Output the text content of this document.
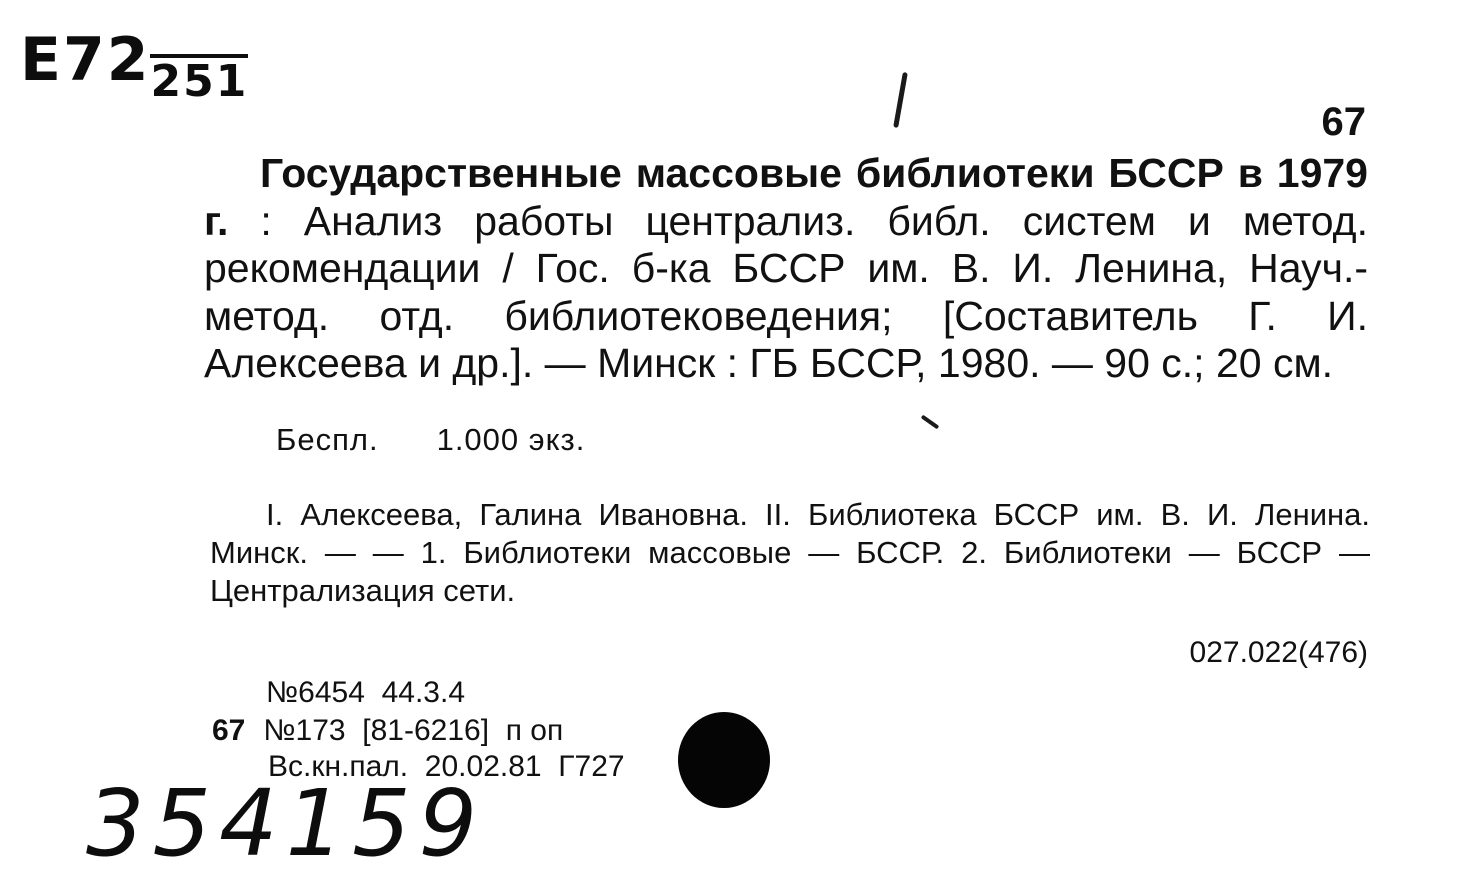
Е72251
67
Государственные массовые библиотеки БССР в 1979 г. : Анализ работы централиз. библ. систем и метод. рекомендации / Гос. б-ка БССР им. В. И. Ленина, Науч.-метод. отд. библиотековедения; [Составитель Г. И. Алексеева и др.]. — Минск : ГБ БССР, 1980. — 90 с.; 20 см.
Беспл. 1.000 экз.
I. Алексеева, Галина Ивановна. II. Библиотека БССР им. В. И. Ленина. Минск. — — 1. Библиотеки массовые — БССР. 2. Библиотеки — БССР — Централизация сети.
027.022(476)
№6454  44.3.4
67 №173  [81-6216]  п оп
Вс.кн.пал.  20.02.81  Г727
354159
